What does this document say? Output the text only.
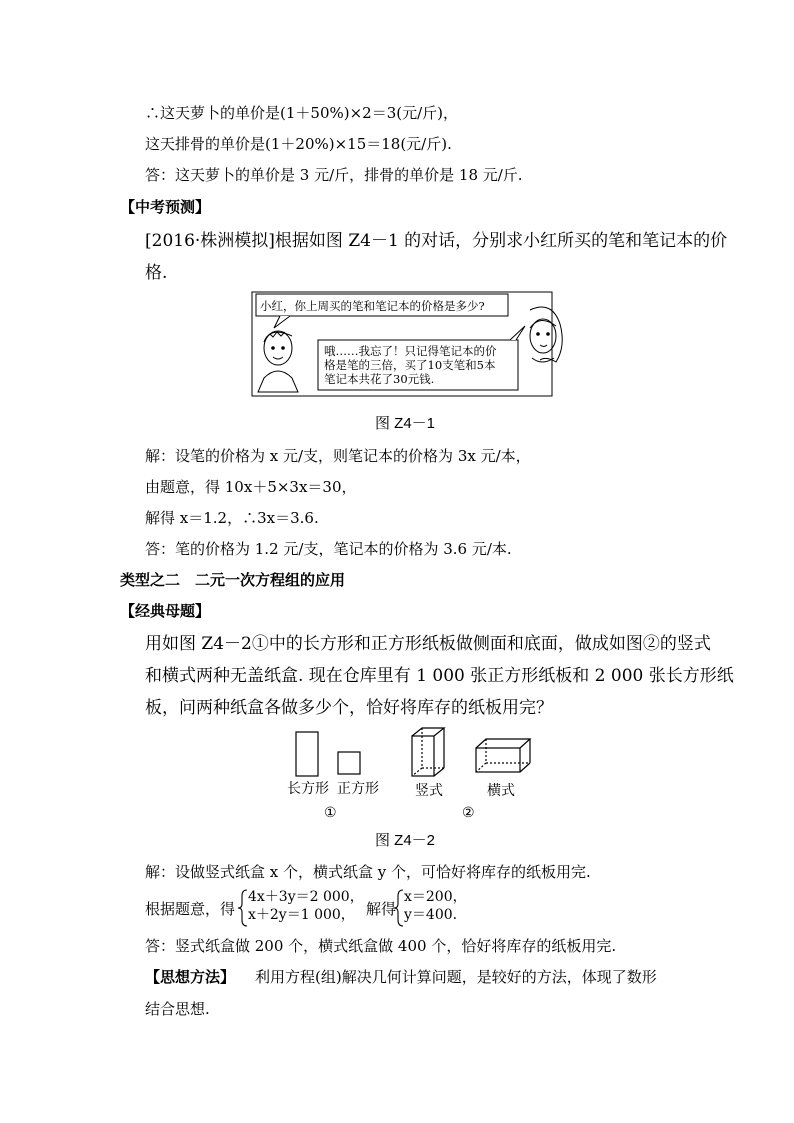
∴这天萝卜的单价是(1＋50%)×2＝3(元/斤)，
这天排骨的单价是(1＋20%)×15＝18(元/斤).
答：这天萝卜的单价是 3 元/斤，排骨的单价是 18 元/斤.
【中考预测】
[2016·株洲模拟]根据如图 Z4－1 的对话，分别求小红所买的笔和笔记本的价
格.
小红，你上周买的笔和笔记本的价格是多少?
哦……我忘了！只记得笔记本的价
格是笔的三倍，买了10支笔和5本
笔记本共花了30元钱.
图 Z4－1
解：设笔的价格为 x 元/支，则笔记本的价格为 3x 元/本，
由题意，得 10x＋5×3x＝30，
解得 x＝1.2，∴3x＝3.6.
答：笔的价格为 1.2 元/支，笔记本的价格为 3.6 元/本.
类型之二　二元一次方程组的应用
【经典母题】
用如图 Z4－2①中的长方形和正方形纸板做侧面和底面，做成如图②的竖式
和横式两种无盖纸盒. 现在仓库里有 1 000 张正方形纸板和 2 000 张长方形纸
板，问两种纸盒各做多少个，恰好将库存的纸板用完？
长方形 正方形	竖式	横式
①	②
图 Z4－2
解：设做竖式纸盒 x 个，横式纸盒 y 个，可恰好将库存的纸板用完.
根据题意，得
4x＋3y＝2 000，
x＋2y＝1 000， 解得
x＝200，
y＝400.
答：竖式纸盒做 200 个，横式纸盒做 400 个，恰好将库存的纸板用完.
【思想方法】 利用方程(组)解决几何计算问题，是较好的方法，体现了数形
结合思想.
